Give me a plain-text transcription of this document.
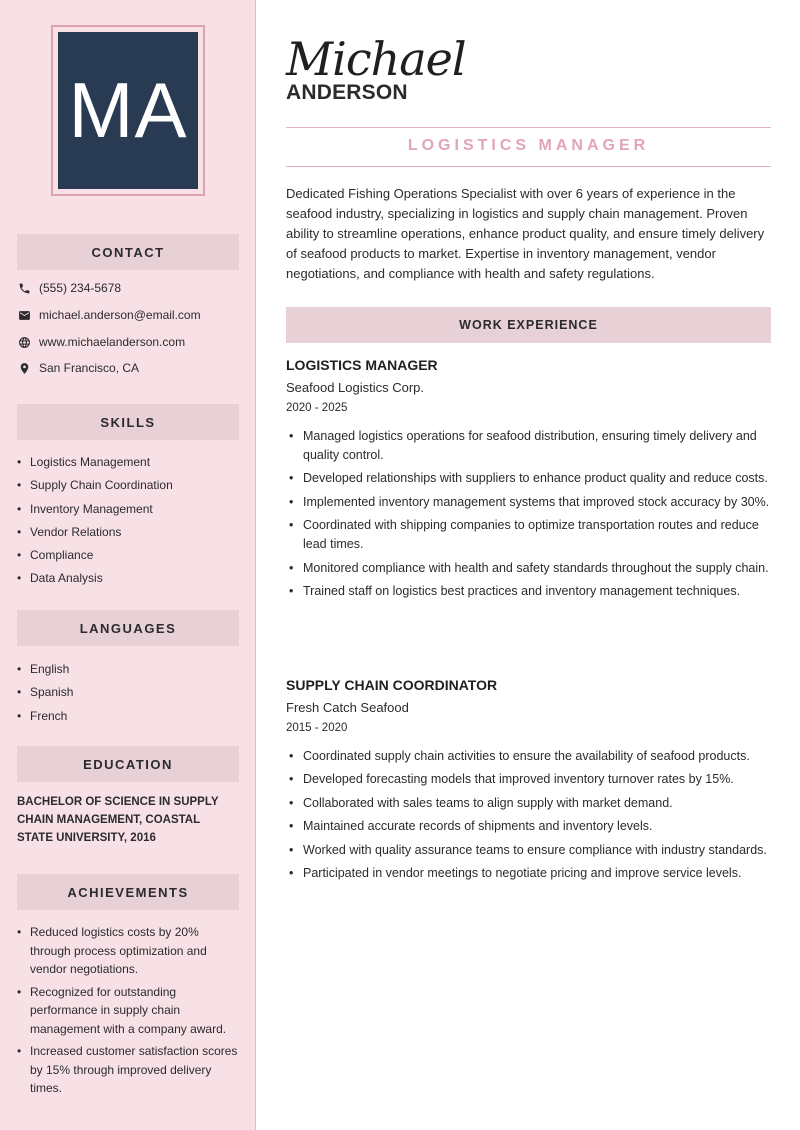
MA
CONTACT
(555) 234-5678
michael.anderson@email.com
www.michaelanderson.com
San Francisco, CA
SKILLS
• Logistics Management
• Supply Chain Coordination
• Inventory Management
• Vendor Relations
• Compliance
• Data Analysis
LANGUAGES
• English
• Spanish
• French
EDUCATION
BACHELOR OF SCIENCE IN SUPPLY CHAIN MANAGEMENT, COASTAL STATE UNIVERSITY, 2016
ACHIEVEMENTS
• Reduced logistics costs by 20% through process optimization and vendor negotiations.
• Recognized for outstanding performance in supply chain management with a company award.
• Increased customer satisfaction scores by 15% through improved delivery times.
Michael
ANDERSON
LOGISTICS MANAGER
Dedicated Fishing Operations Specialist with over 6 years of experience in the seafood industry, specializing in logistics and supply chain management. Proven ability to streamline operations, enhance product quality, and ensure timely delivery of seafood products to market. Expertise in inventory management, vendor negotiations, and compliance with health and safety regulations.
WORK EXPERIENCE
LOGISTICS MANAGER
Seafood Logistics Corp.
2020 - 2025
• Managed logistics operations for seafood distribution, ensuring timely delivery and quality control.
• Developed relationships with suppliers to enhance product quality and reduce costs.
• Implemented inventory management systems that improved stock accuracy by 30%.
• Coordinated with shipping companies to optimize transportation routes and reduce lead times.
• Monitored compliance with health and safety standards throughout the supply chain.
• Trained staff on logistics best practices and inventory management techniques.
SUPPLY CHAIN COORDINATOR
Fresh Catch Seafood
2015 - 2020
• Coordinated supply chain activities to ensure the availability of seafood products.
• Developed forecasting models that improved inventory turnover rates by 15%.
• Collaborated with sales teams to align supply with market demand.
• Maintained accurate records of shipments and inventory levels.
• Worked with quality assurance teams to ensure compliance with industry standards.
• Participated in vendor meetings to negotiate pricing and improve service levels.
